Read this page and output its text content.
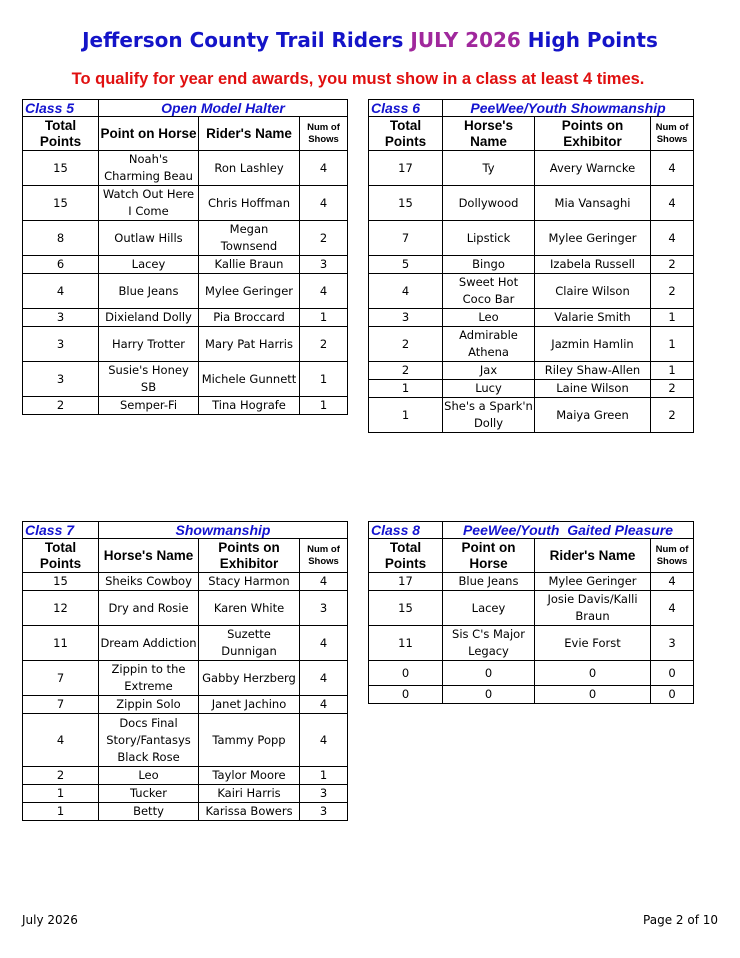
Jefferson County Trail Riders JULY 2026 High Points
To qualify for year end awards, you must show in a class at least 4 times.
Class 5	Open Model Halter		
Total Points	Point on Horse	Rider's Name	Num of Shows
15	Noah's Charming Beau	Ron Lashley	4
15	Watch Out Here I Come	Chris Hoffman	4
8	Outlaw Hills	Megan Townsend	2
6	Lacey	Kallie Braun	3
4	Blue Jeans	Mylee Geringer	4
3	Dixieland Dolly	Pia Broccard	1
3	Harry Trotter	Mary Pat Harris	2
3	Susie's Honey SB	Michele Gunnett	1
2	Semper-Fi	Tina Hografe	1
Class 6	PeeWee/Youth Showmanship		
Total Points	Horse's Name	Points on Exhibitor	Num of Shows
17	Ty	Avery Warncke	4
15	Dollywood	Mia Vansaghi	4
7	Lipstick	Mylee Geringer	4
5	Bingo	Izabela Russell	2
4	Sweet Hot Coco Bar	Claire Wilson	2
3	Leo	Valarie Smith	1
2	Admirable Athena	Jazmin Hamlin	1
2	Jax	Riley Shaw-Allen	1
1	Lucy	Laine Wilson	2
1	She's a Spark'n Dolly	Maiya Green	2
Class 7	Showmanship		
Total Points	Horse's Name	Points on Exhibitor	Num of Shows
15	Sheiks Cowboy	Stacy Harmon	4
12	Dry and Rosie	Karen White	3
11	Dream Addiction	Suzette Dunnigan	4
7	Zippin to the Extreme	Gabby Herzberg	4
7	Zippin Solo	Janet Jachino	4
4	Docs Final Story/Fantasys Black Rose	Tammy Popp	4
2	Leo	Taylor Moore	1
1	Tucker	Kairi Harris	3
1	Betty	Karissa Bowers	3
Class 8	PeeWee/Youth  Gaited Pleasure		
Total Points	Point on Horse	Rider's Name	Num of Shows
17	Blue Jeans	Mylee Geringer	4
15	Lacey	Josie Davis/Kalli Braun	4
11	Sis C's Major Legacy	Evie Forst	3
0	0	0	0
0	0	0	0
July 2026	Page 2 of 10
